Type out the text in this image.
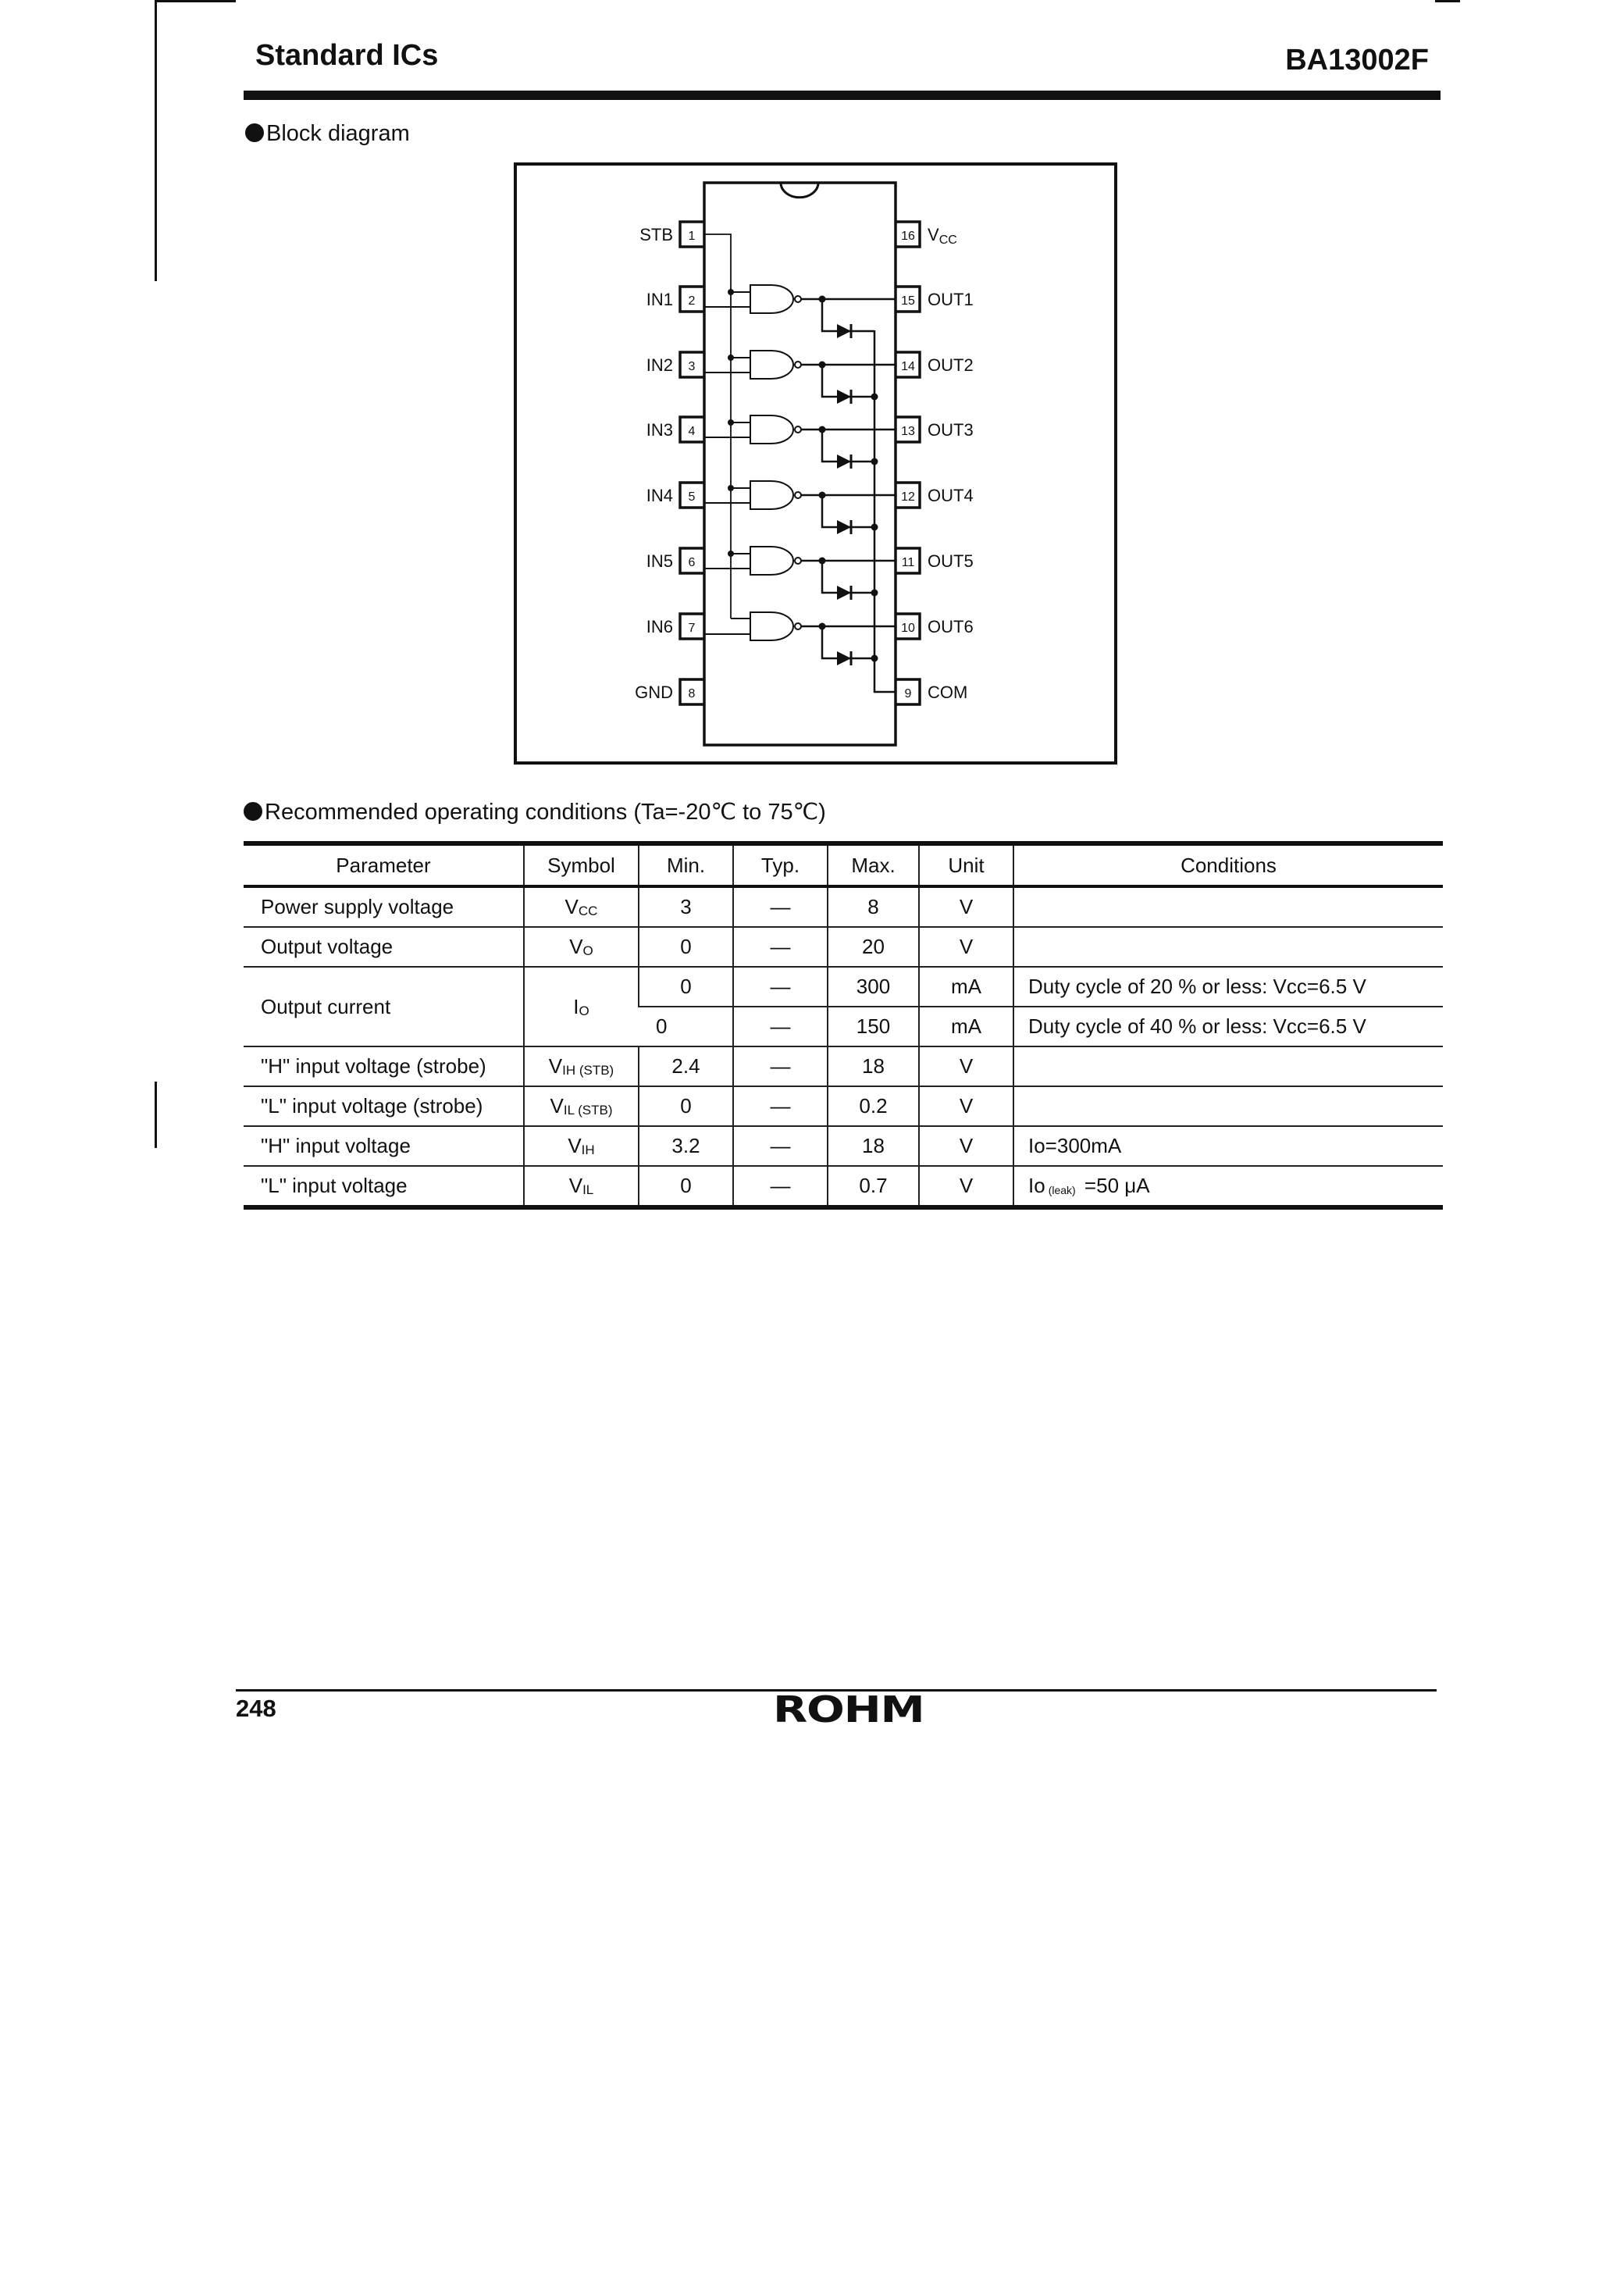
Standard ICs	BA13002F
Block diagram
1
STB
2
IN1
3
IN2
4
IN3
5
IN4
6
IN5
7
IN6
8
GND
16 VCC
15 OUT1
14 OUT2
13 OUT3
12 OUT4
11 OUT5
10 OUT6
9 COM
Recommended operating conditions (Ta=-20℃ to 75℃)
Parameter	Symbol	Min.	Typ.	Max.	Unit	Conditions
Power supply voltage	$V_{CC}$	3	—	8	V	
Output voltage	$V_O$	0	—	20	V	
Output current	$I_O$	0	—	300	mA	Duty cycle of 20 % or less: Vcc=6.5 V
		0	—	150	mA	Duty cycle of 40 % or less: Vcc=6.5 V
"H" input voltage (strobe)	$V_{IH (STB)}$	2.4	—	18	V	
"L" input voltage (strobe)	$V_{IL (STB)}$	0	—	0.2	V	
"H" input voltage	$V_{IH}$	3.2	—	18	V	Io=300mA
"L" input voltage	$V_{IL}$	0	—	0.7	V	Io $_{(leak)}$ =50 μA
248	ROHM
